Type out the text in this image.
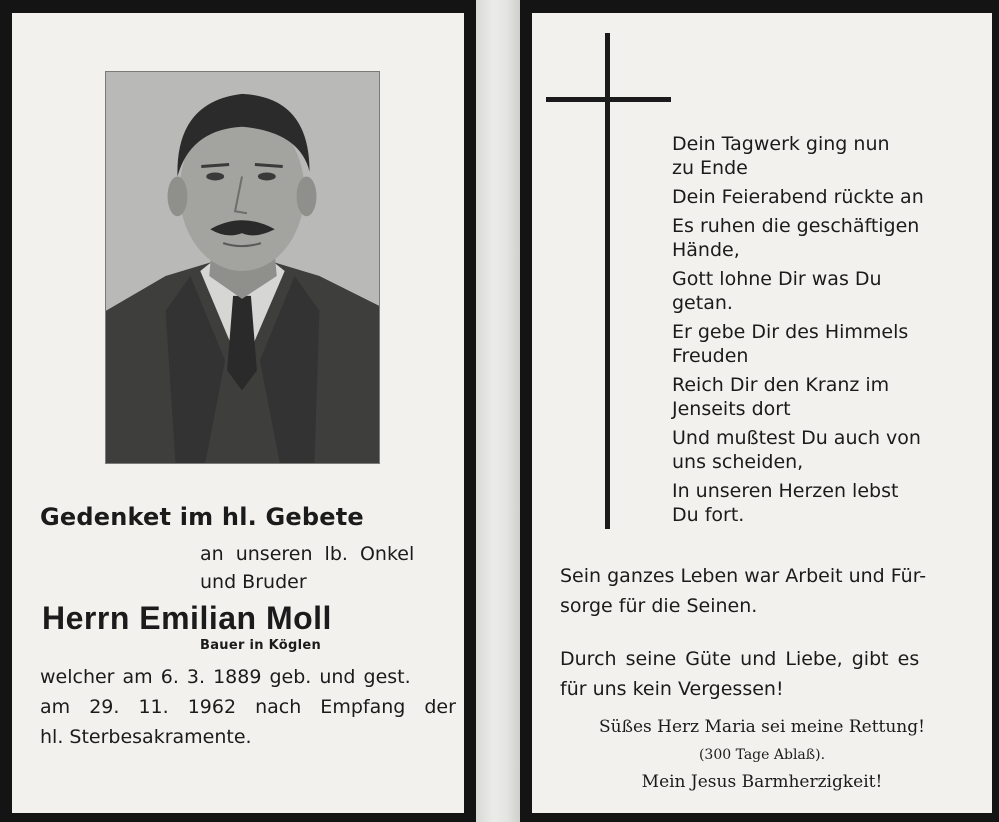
Gedenket im hl. Gebete
an unseren lb. Onkel
und Bruder
Herrn Emilian Moll
Bauer in Köglen
welcher am 6. 3. 1889 geb. und gest.
am 29. 11. 1962 nach Empfang der
hl. Sterbesakramente.
Dein Tagwerk ging nun
zu Ende
Dein Feierabend rückte an
Es ruhen die geschäftigen
Hände,
Gott lohne Dir was Du
getan.
Er gebe Dir des Himmels
Freuden
Reich Dir den Kranz im
Jenseits dort
Und mußtest Du auch von
uns scheiden,
In unseren Herzen lebst
Du fort.
Sein ganzes Leben war Arbeit und Für-
sorge für die Seinen.
Durch seine Güte und Liebe, gibt es
für uns kein Vergessen!
Süßes Herz Maria sei meine Rettung!
(300 Tage Ablaß).
Mein Jesus Barmherzigkeit!
